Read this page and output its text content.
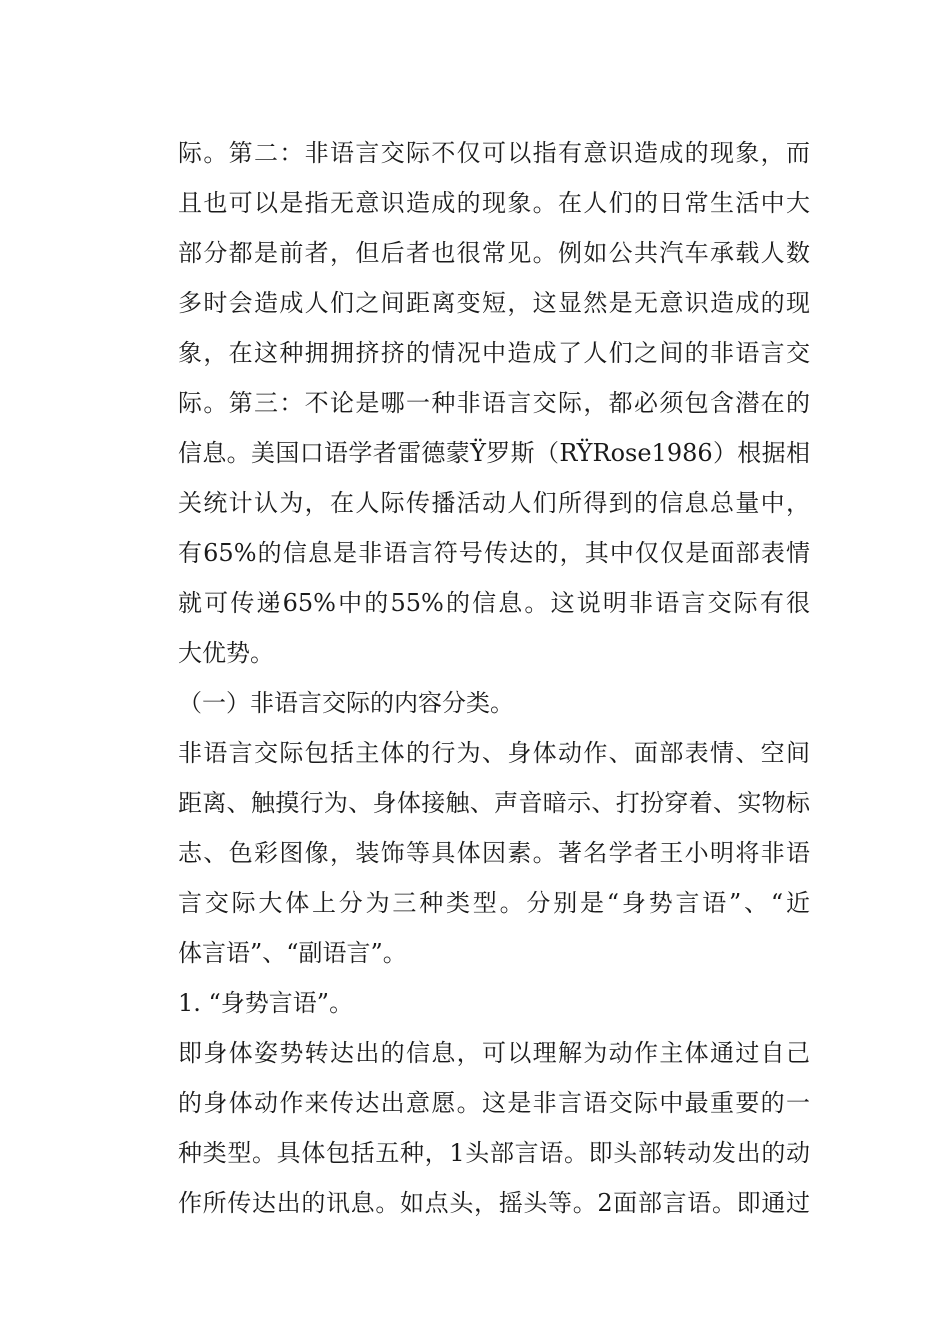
际。第二：非语言交际不仅可以指有意识造成的现象，而
且也可以是指无意识造成的现象。在人们的日常生活中大
部分都是前者，但后者也很常见。例如公共汽车承载人数
多时会造成人们之间距离变短，这显然是无意识造成的现
象，在这种拥拥挤挤的情况中造成了人们之间的非语言交
际。第三：不论是哪一种非语言交际，都必须包含潜在的
信息。美国口语学者雷德蒙Ÿ罗斯（RŸRose1986）根据相
关统计认为，在人际传播活动人们所得到的信息总量中，
有65%的信息是非语言符号传达的，其中仅仅是面部表情
就可传递65%中的55%的信息。这说明非语言交际有很
大优势。
（一）非语言交际的内容分类。
非语言交际包括主体的行为、身体动作、面部表情、空间
距离、触摸行为、身体接触、声音暗示、打扮穿着、实物标
志、色彩图像，装饰等具体因素。著名学者王小明将非语
言交际大体上分为三种类型。分别是“身势言语”、“近
体言语”、“副语言”。
1. “身势言语”。
即身体姿势转达出的信息，可以理解为动作主体通过自己
的身体动作来传达出意愿。这是非言语交际中最重要的一
种类型。具体包括五种，1头部言语。即头部转动发出的动
作所传达出的讯息。如点头，摇头等。2面部言语。即通过
